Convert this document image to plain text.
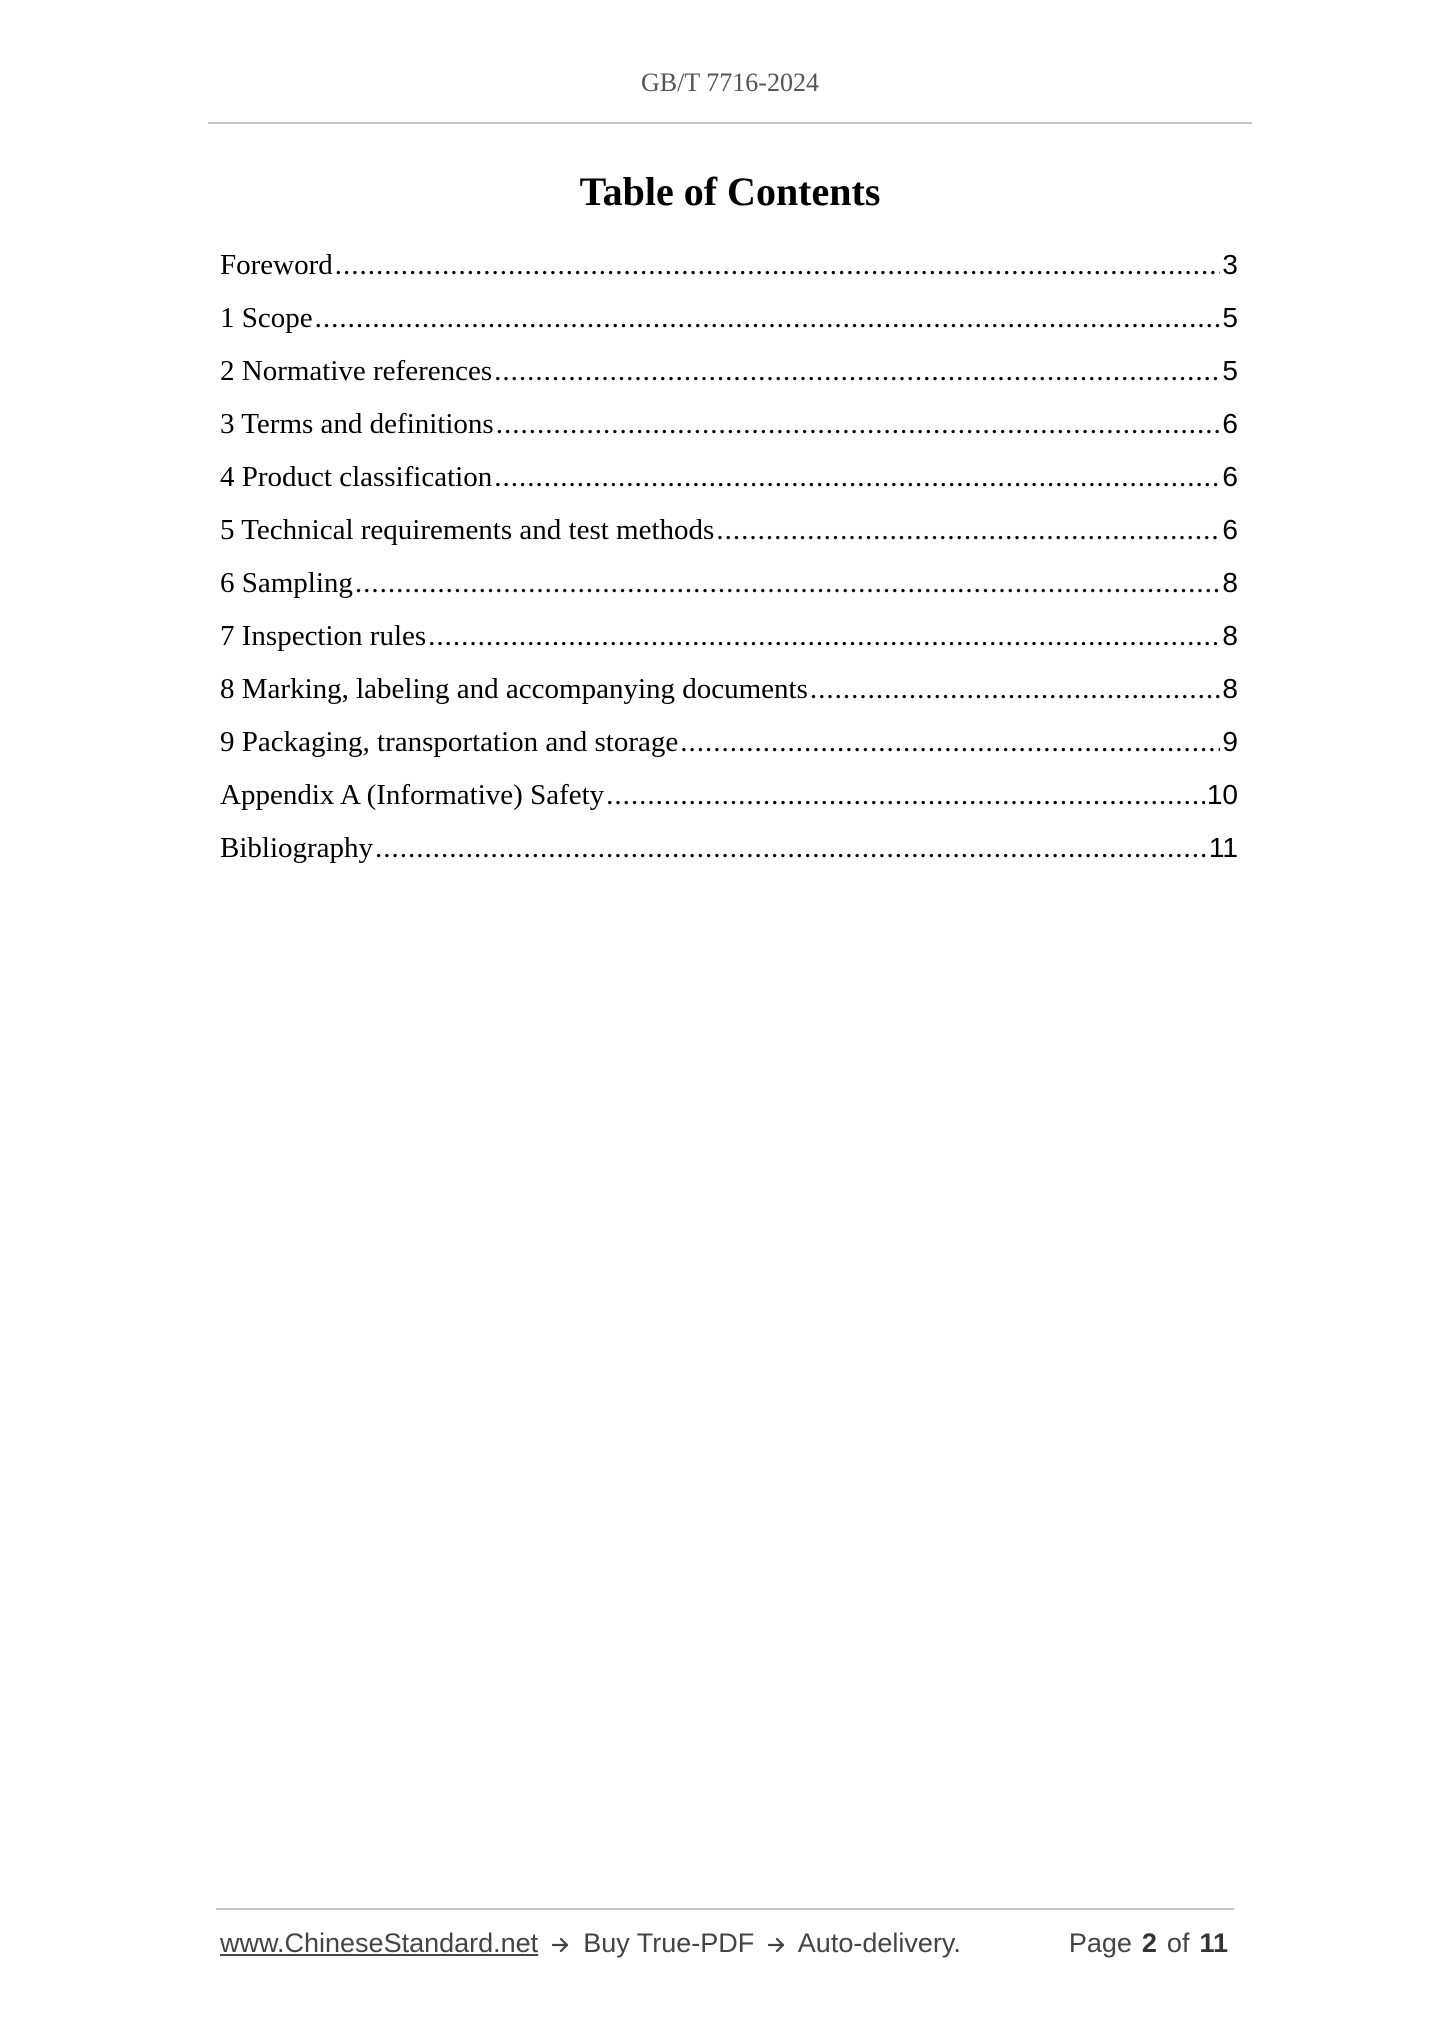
GB/T 7716-2024
Table of Contents
Foreword .....	3
1 Scope .....	5
2 Normative references .....	5
3 Terms and definitions .....	6
4 Product classification .....	6
5 Technical requirements and test methods .....	6
6 Sampling .....	8
7 Inspection rules .....	8
8 Marking, labeling and accompanying documents .....	8
9 Packaging, transportation and storage .....	9
Appendix A (Informative) Safety .....	10
Bibliography .....	11
www.ChineseStandard.net Buy True-PDF Auto-delivery.	Page 2 of 11
